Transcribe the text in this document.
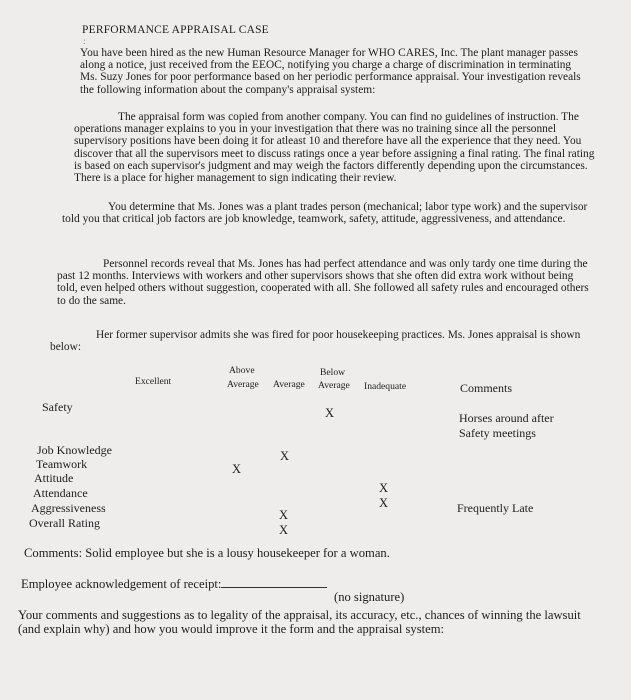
PERFORMANCE APPRAISAL CASE
:

You have been hired as the new Human Resource Manager for WHO CARES, Inc. The plant manager passes along a notice, just received from the EEOC, notifying you charge a charge of discrimination in terminating Ms. Suzy Jones for poor performance based on her periodic performance appraisal. Your investigation reveals the following information about the company's appraisal system:

The appraisal form was copied from another company. You can find no guidelines of instruction. The operations manager explains to you in your investigation that there was no training since all the personnel supervisory positions have been doing it for atleast 10 and therefore have all the experience that they need. You discover that all the supervisors meet to discuss ratings once a year before assigning a final rating. The final rating is based on each supervisor's judgment and may weigh the factors differently depending upon the circumstances. There is a place for higher management to sign indicating their review.

You determine that Ms. Jones was a plant trades person (mechanical; labor type work) and the supervisor told you that critical job factors are job knowledge, teamwork, safety, attitude, aggressiveness, and attendance.

Personnel records reveal that Ms. Jones has had perfect attendance and was only tardy one time during the past 12 months. Interviews with workers and other supervisors shows that she often did extra work without being told, even helped others without suggestion, cooperated with all. She followed all safety rules and encouraged others to do the same.

Her former supervisor admits she was fired for poor housekeeping practices. Ms. Jones appraisal is shown below:

Excellent
Above
Average Average
Below
Average Inadequate	Comments
Safety
Job Knowledge
Teamwork
Attitude
Attendance
Aggressiveness
Overall Rating
X
X
X
X
X
X
X
Horses around after
Safety meetings
Frequently Late
Comments: Solid employee but she is a lousy housekeeper for a woman.
Employee acknowledgement of receipt:
(no signature)

Your comments and suggestions as to legality of the appraisal, its accuracy, etc., chances of winning the lawsuit (and explain why) and how you would improve it the form and the appraisal system:
